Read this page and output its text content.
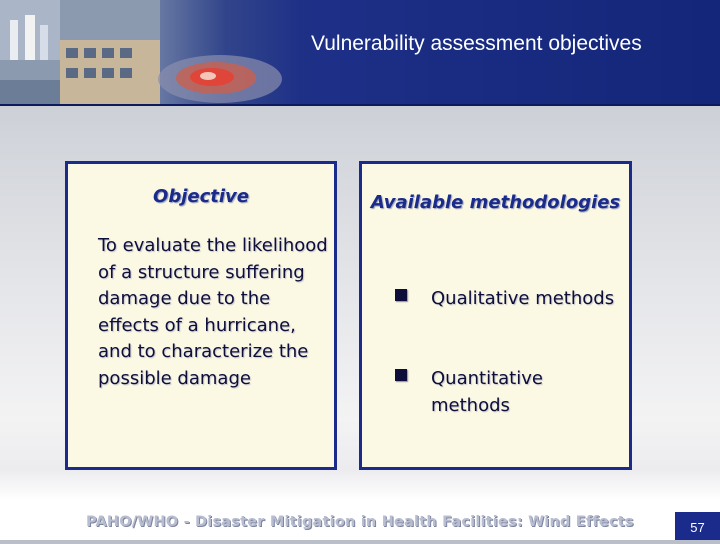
Vulnerability assessment objectives
Objective
To evaluate the likelihood of a structure suffering damage due to the effects of a hurricane, and to characterize the possible damage
Available methodologies
Qualitative methods
Quantitative methods
PAHO/WHO - Disaster Mitigation in Health Facilities: Wind Effects	57
